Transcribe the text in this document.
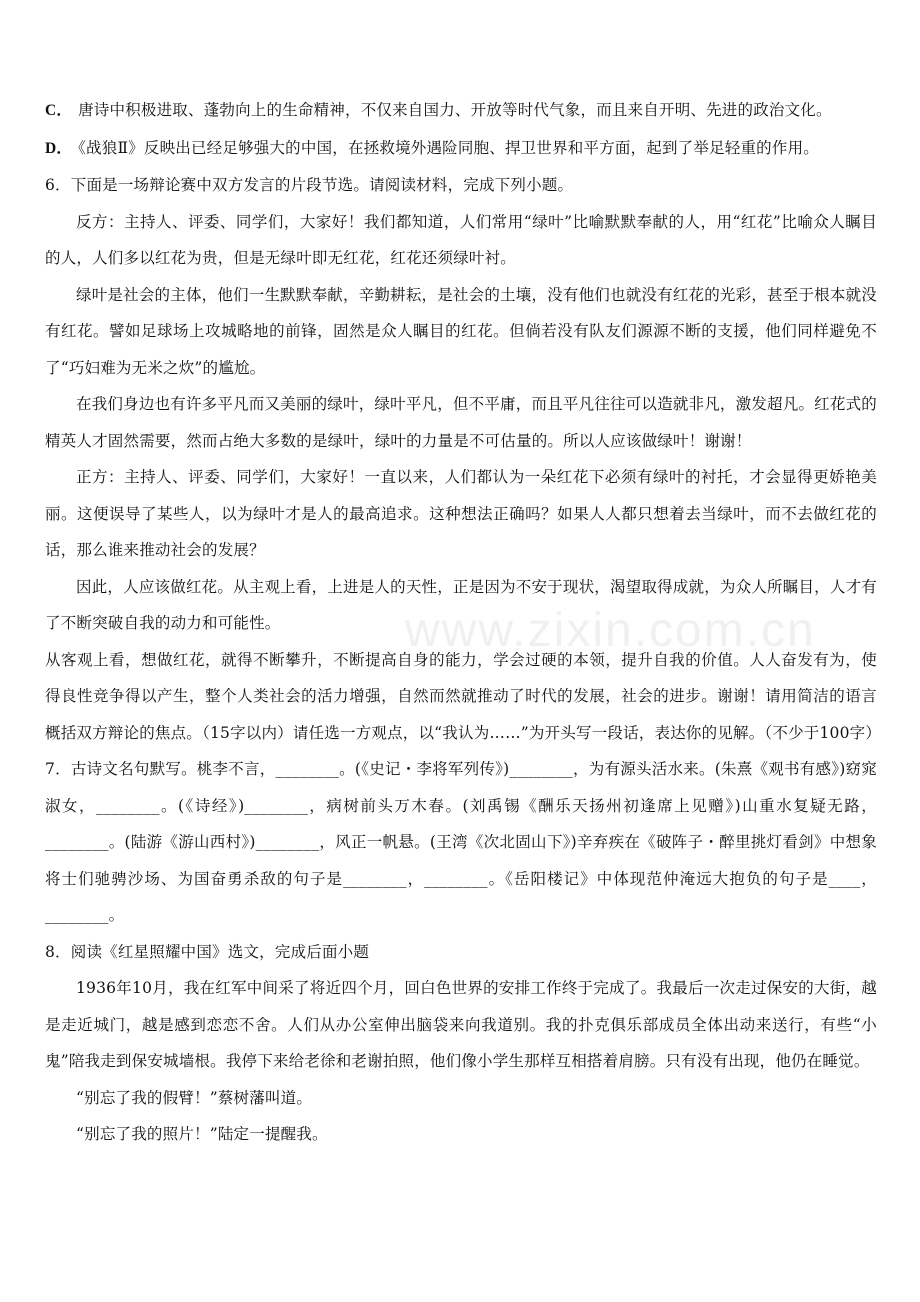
www.zixin.com.cn

C． 唐诗中积极进取、蓬勃向上的生命精神，不仅来自国力、开放等时代气象，而且来自开明、先进的政治文化。

D． 《战狼Ⅱ》反映出已经足够强大的中国，在拯救境外遇险同胞、捍卫世界和平方面，起到了举足轻重的作用。

6．下面是一场辩论赛中双方发言的片段节选。请阅读材料，完成下列小题。

反方：主持人、评委、同学们，大家好！我们都知道，人们常用“绿叶”比喻默默奉献的人，用“红花”比喻众人瞩目的人，人们多以红花为贵，但是无绿叶即无红花，红花还须绿叶衬。

绿叶是社会的主体，他们一生默默奉献，辛勤耕耘，是社会的土壤，没有他们也就没有红花的光彩，甚至于根本就没有红花。譬如足球场上攻城略地的前锋，固然是众人瞩目的红花。但倘若没有队友们源源不断的支援，他们同样避免不了“巧妇难为无米之炊”的尴尬。

在我们身边也有许多平凡而又美丽的绿叶，绿叶平凡，但不平庸，而且平凡往往可以造就非凡，激发超凡。红花式的精英人才固然需要，然而占绝大多数的是绿叶，绿叶的力量是不可估量的。所以人应该做绿叶！谢谢！

正方：主持人、评委、同学们，大家好！一直以来，人们都认为一朵红花下必须有绿叶的衬托，才会显得更娇艳美丽。这便误导了某些人，以为绿叶才是人的最高追求。这种想法正确吗？如果人人都只想着去当绿叶，而不去做红花的话，那么谁来推动社会的发展？

因此，人应该做红花。从主观上看，上进是人的天性，正是因为不安于现状，渴望取得成就，为众人所瞩目，人才有了不断突破自我的动力和可能性。

从客观上看，想做红花，就得不断攀升，不断提高自身的能力，学会过硬的本领，提升自我的价值。人人奋发有为，使得良性竞争得以产生，整个人类社会的活力增强，自然而然就推动了时代的发展，社会的进步。谢谢！请用简洁的语言概括双方辩论的焦点。（15字以内）请任选一方观点，以“我认为……”为开头写一段话，表达你的见解。（不少于100字）

7．古诗文名句默写。桃李不言，________。(《史记・李将军列传》)________，为有源头活水来。(朱熹《观书有感》)窈窕淑女，________。(《诗经》)________，病树前头万木春。(刘禹锡《酬乐天扬州初逢席上见赠》)山重水复疑无路，________。(陆游《游山西村》)________，风正一帆悬。(王湾《次北固山下》)辛弃疾在《破阵子・醉里挑灯看剑》中想象将士们驰骋沙场、为国奋勇杀敌的句子是________，________。《岳阳楼记》中体现范仲淹远大抱负的句子是____，________。

8．阅读《红星照耀中国》选文，完成后面小题

1936年10月，我在红军中间采了将近四个月，回白色世界的安排工作终于完成了。我最后一次走过保安的大街，越是走近城门，越是感到恋恋不舍。人们从办公室伸出脑袋来向我道别。我的扑克俱乐部成员全体出动来送行，有些“小鬼”陪我走到保安城墙根。我停下来给老徐和老谢拍照，他们像小学生那样互相搭着肩膀。只有没有出现，他仍在睡觉。

“别忘了我的假臂！”蔡树藩叫道。

“别忘了我的照片！”陆定一提醒我。
